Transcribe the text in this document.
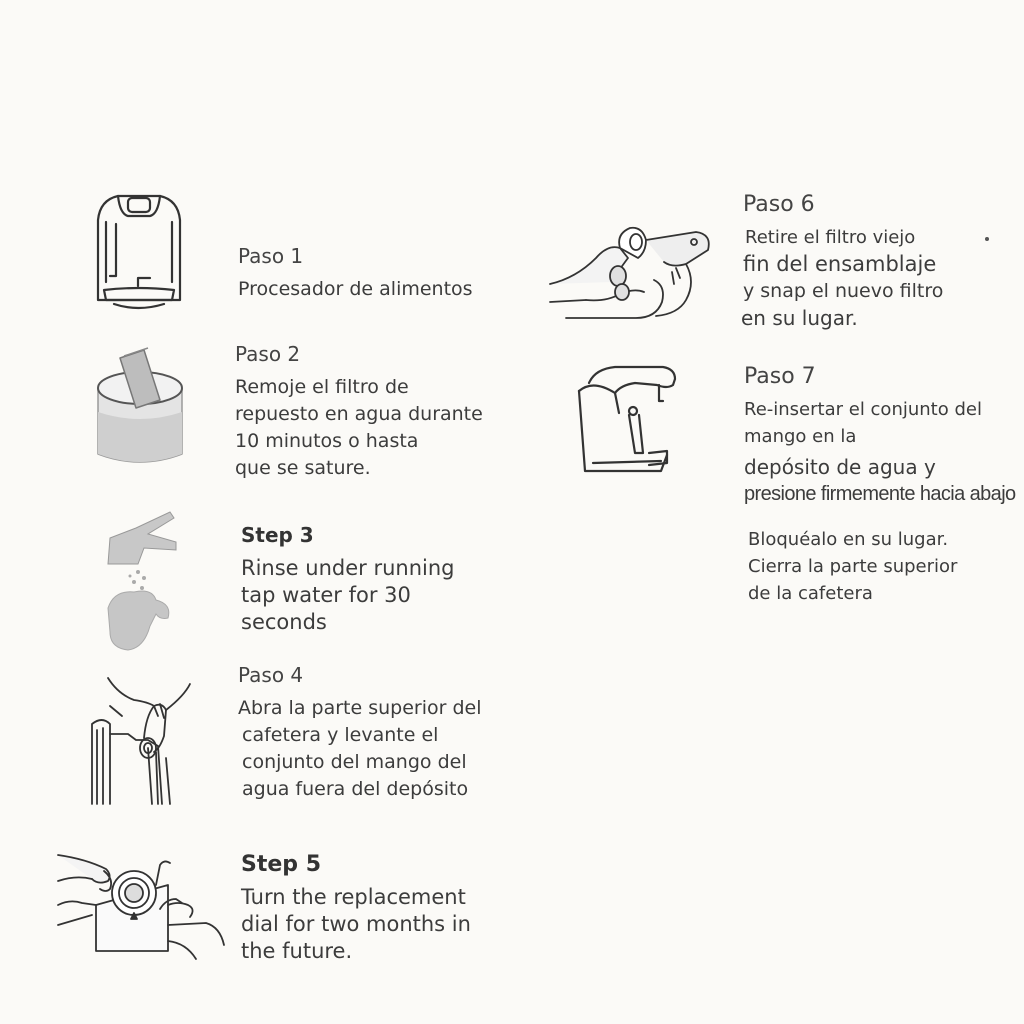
Paso 1
Procesador de alimentos
Paso 2
Remoje el filtro de
repuesto en agua durante
10 minutos o hasta
que se sature.
Step 3
Rinse under running
tap water for 30
seconds
Paso 4
Abra la parte superior del
cafetera y levante el
conjunto del mango del
agua fuera del depósito
Step 5
Turn the replacement
dial for two months in
the future.
Paso 6
Retire el filtro viejo
fin del ensamblaje
y snap el nuevo filtro
en su lugar.
Paso 7
Re-insertar el conjunto del
mango en la
depósito de agua y
presione firmemente hacia abajo
Bloquéalo en su lugar.
Cierra la parte superior
de la cafetera
